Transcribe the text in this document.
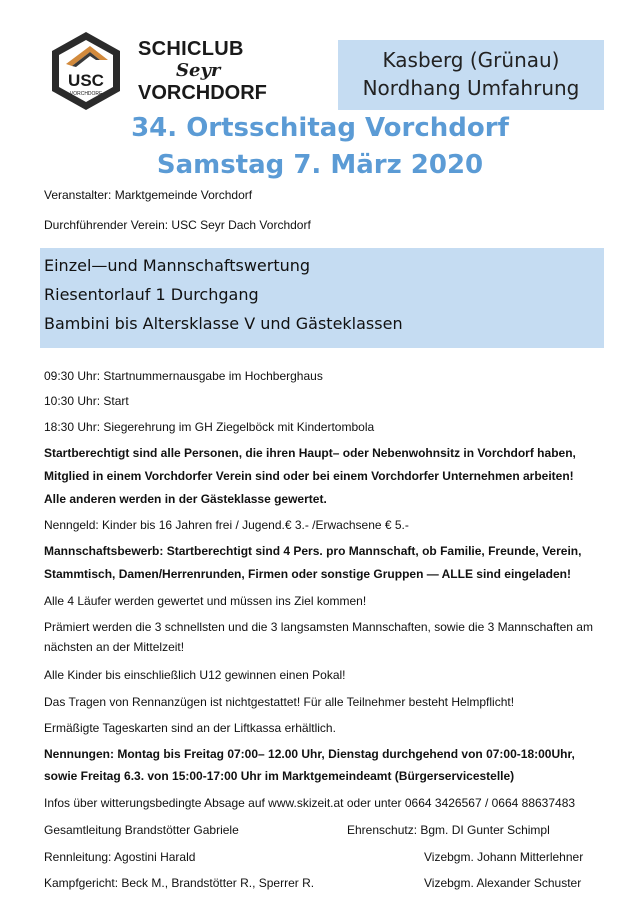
USC
VORCHDORF
SCHICLUB
Seyr
VORCHDORF
Kasberg (Grünau)
Nordhang Umfahrung
34. Ortsschitag Vorchdorf
Samstag 7. März 2020
Veranstalter: Marktgemeinde Vorchdorf
Durchführender Verein: USC Seyr Dach Vorchdorf
Einzel—und Mannschaftswertung
Riesentorlauf 1 Durchgang
Bambini bis Altersklasse V und Gästeklassen
09:30 Uhr: Startnummernausgabe im Hochberghaus
10:30 Uhr: Start
18:30 Uhr: Siegerehrung im GH Ziegelböck mit Kindertombola
Startberechtigt sind alle Personen, die ihren Haupt– oder Nebenwohnsitz in Vorchdorf haben,
Mitglied in einem Vorchdorfer Verein sind oder bei einem Vorchdorfer Unternehmen arbeiten!
Alle anderen werden in der Gästeklasse gewertet.
Nenngeld: Kinder bis 16 Jahren frei / Jugend.€ 3.- /Erwachsene € 5.-
Mannschaftsbewerb: Startberechtigt sind 4 Pers. pro Mannschaft, ob Familie, Freunde, Verein,
Stammtisch, Damen/Herrenrunden, Firmen oder sonstige Gruppen — ALLE sind eingeladen!
Alle 4 Läufer werden gewertet und müssen ins Ziel kommen!
Prämiert werden die 3 schnellsten und die 3 langsamsten Mannschaften, sowie die 3 Mannschaften am
nächsten an der Mittelzeit!
Alle Kinder bis einschließlich U12 gewinnen einen Pokal!
Das Tragen von Rennanzügen ist nichtgestattet! Für alle Teilnehmer besteht Helmpflicht!
Ermäßigte Tageskarten sind an der Liftkassa erhältlich.
Nennungen: Montag bis Freitag 07:00– 12.00 Uhr, Dienstag durchgehend von 07:00-18:00Uhr,
sowie Freitag 6.3. von 15:00-17:00 Uhr im Marktgemeindeamt (Bürgerservicestelle)
Infos über witterungsbedingte Absage auf www.skizeit.at oder unter 0664 3426567 / 0664 88637483
Gesamtleitung Brandstötter Gabriele	Ehrenschutz: Bgm. DI Gunter Schimpl
Rennleitung: Agostini Harald	Vizebgm. Johann Mitterlehner
Kampfgericht: Beck M., Brandstötter R., Sperrer R.	Vizebgm. Alexander Schuster
